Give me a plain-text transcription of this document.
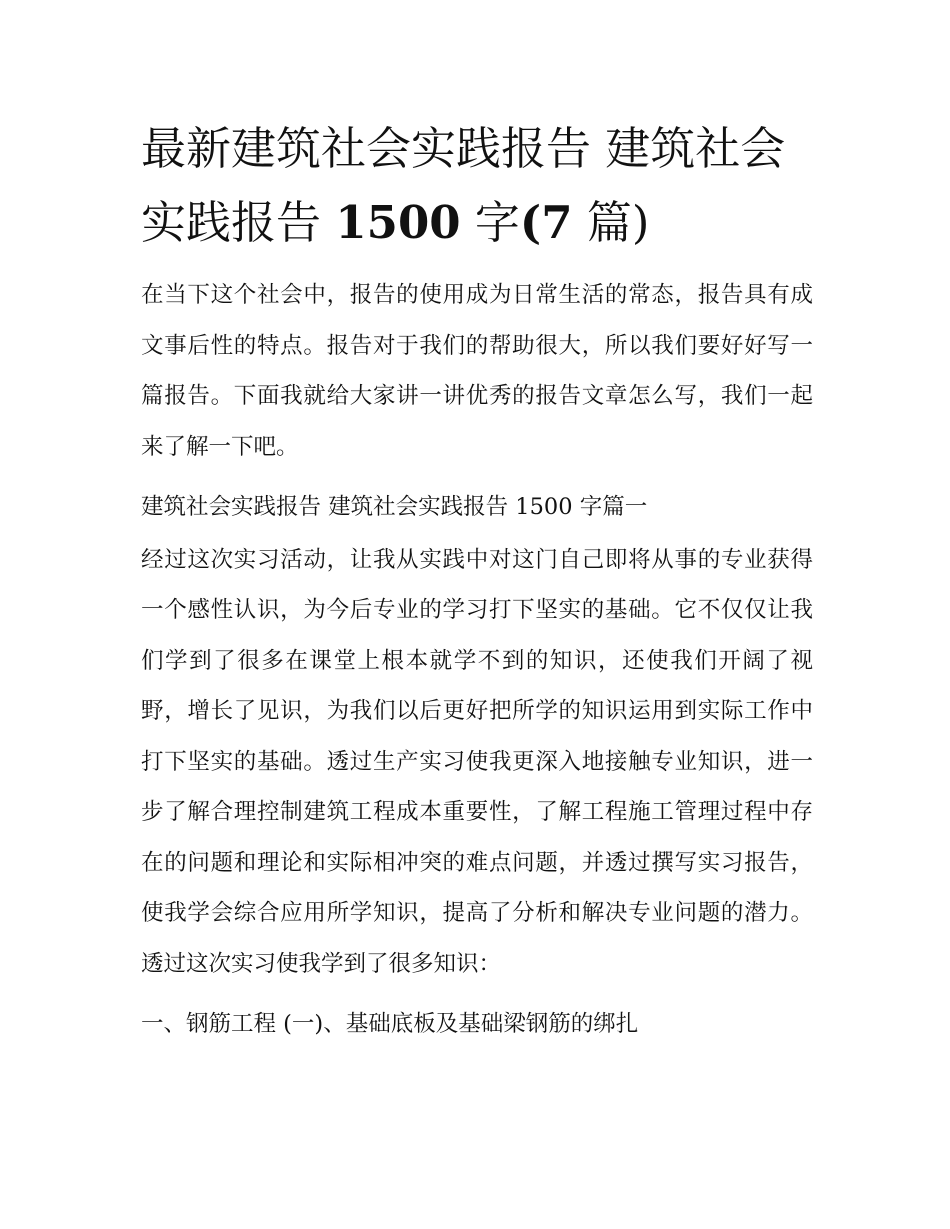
最新建筑社会实践报告 建筑社会实践报告 1500 字(7 篇)

在当下这个社会中，报告的使用成为日常生活的常态，报告具有成文事后性的特点。报告对于我们的帮助很大，所以我们要好好写一篇报告。下面我就给大家讲一讲优秀的报告文章怎么写，我们一起来了解一下吧。

建筑社会实践报告 建筑社会实践报告 1500 字篇一

经过这次实习活动，让我从实践中对这门自己即将从事的专业获得一个感性认识，为今后专业的学习打下坚实的基础。它不仅仅让我们学到了很多在课堂上根本就学不到的知识，还使我们开阔了视野，增长了见识，为我们以后更好把所学的知识运用到实际工作中打下坚实的基础。透过生产实习使我更深入地接触专业知识，进一步了解合理控制建筑工程成本重要性，了解工程施工管理过程中存在的问题和理论和实际相冲突的难点问题，并透过撰写实习报告，使我学会综合应用所学知识，提高了分析和解决专业问题的潜力。透过这次实习使我学到了很多知识：

一、钢筋工程 (一)、基础底板及基础梁钢筋的绑扎
